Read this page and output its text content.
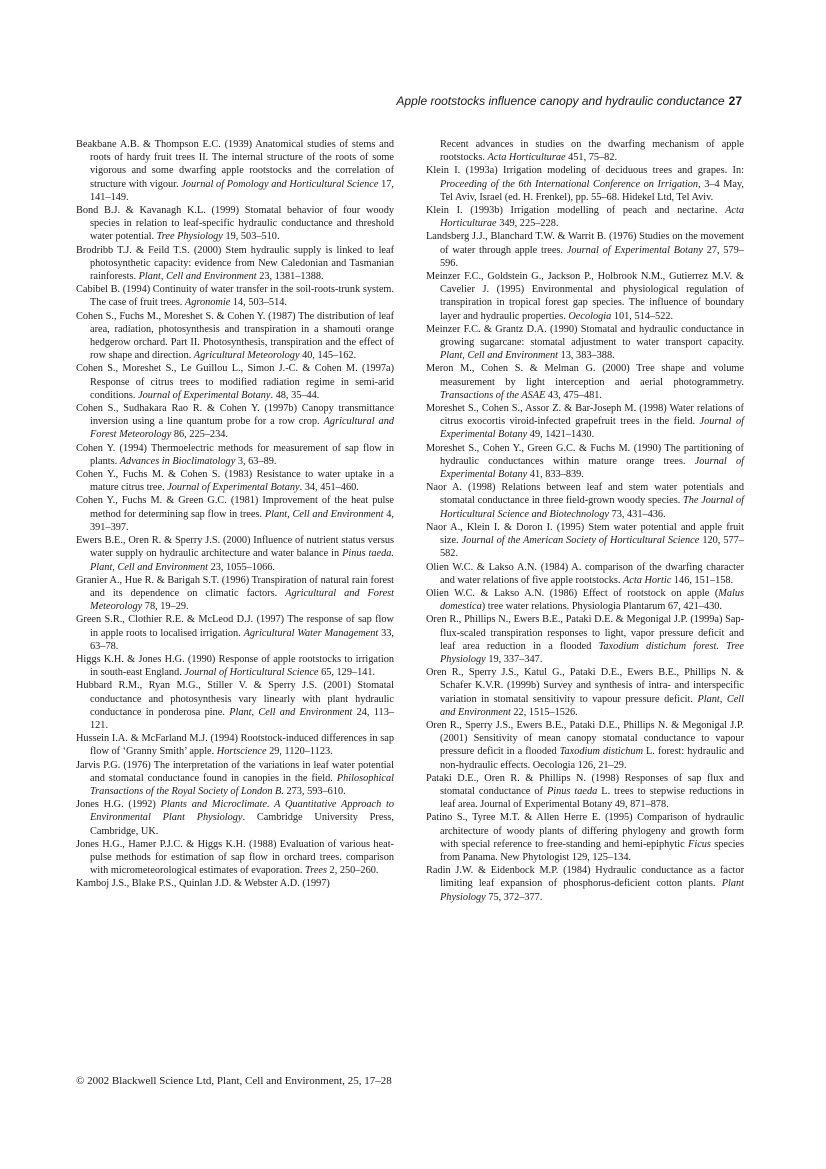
Apple rootstocks influence canopy and hydraulic conductance 27

Beakbane A.B. & Thompson E.C. (1939) Anatomical studies of stems and roots of hardy fruit trees II. The internal structure of the roots of some vigorous and some dwarfing apple rootstocks and the correlation of structure with vigour. Journal of Pomology and Horticultural Science 17, 141–149.

Bond B.J. & Kavanagh K.L. (1999) Stomatal behavior of four woody species in relation to leaf-specific hydraulic conductance and threshold water potential. Tree Physiology 19, 503–510.

Brodribb T.J. & Feild T.S. (2000) Stem hydraulic supply is linked to leaf photosynthetic capacity: evidence from New Caledonian and Tasmanian rainforests. Plant, Cell and Environment 23, 1381–1388.

Cabibel B. (1994) Continuity of water transfer in the soil-roots-trunk system. The case of fruit trees. Agronomie 14, 503–514.

Cohen S., Fuchs M., Moreshet S. & Cohen Y. (1987) The distribution of leaf area, radiation, photosynthesis and transpiration in a shamouti orange hedgerow orchard. Part II. Photosynthesis, transpiration and the effect of row shape and direction. Agricultural Meteorology 40, 145–162.

Cohen S., Moreshet S., Le Guillou L., Simon J.-C. & Cohen M. (1997a) Response of citrus trees to modified radiation regime in semi-arid conditions. Journal of Experimental Botany. 48, 35–44.

Cohen S., Sudhakara Rao R. & Cohen Y. (1997b) Canopy transmittance inversion using a line quantum probe for a row crop. Agricultural and Forest Meteorology 86, 225–234.

Cohen Y. (1994) Thermoelectric methods for measurement of sap flow in plants. Advances in Bioclimatology 3, 63–89.

Cohen Y., Fuchs M. & Cohen S. (1983) Resistance to water uptake in a mature citrus tree. Journal of Experimental Botany. 34, 451–460.

Cohen Y., Fuchs M. & Green G.C. (1981) Improvement of the heat pulse method for determining sap flow in trees. Plant, Cell and Environment 4, 391–397.

Ewers B.E., Oren R. & Sperry J.S. (2000) Influence of nutrient status versus water supply on hydraulic architecture and water balance in Pinus taeda. Plant, Cell and Environment 23, 1055–1066.

Granier A., Hue R. & Barigah S.T. (1996) Transpiration of natural rain forest and its dependence on climatic factors. Agricultural and Forest Meteorology 78, 19–29.

Green S.R., Clothier R.E. & McLeod D.J. (1997) The response of sap flow in apple roots to localised irrigation. Agricultural Water Management 33, 63–78.

Higgs K.H. & Jones H.G. (1990) Response of apple rootstocks to irrigation in south-east England. Journal of Horticultural Science 65, 129–141.

Hubbard R.M., Ryan M.G., Stiller V. & Sperry J.S. (2001) Stomatal conductance and photosynthesis vary linearly with plant hydraulic conductance in ponderosa pine. Plant, Cell and Environment 24, 113–121.

Hussein I.A. & McFarland M.J. (1994) Rootstock-induced differences in sap flow of ‘Granny Smith’ apple. Hortscience 29, 1120–1123.

Jarvis P.G. (1976) The interpretation of the variations in leaf water potential and stomatal conductance found in canopies in the field. Philosophical Transactions of the Royal Society of London B. 273, 593–610.

Jones H.G. (1992) Plants and Microclimate. A Quantitative Approach to Environmental Plant Physiology. Cambridge University Press, Cambridge, UK.

Jones H.G., Hamer P.J.C. & Higgs K.H. (1988) Evaluation of various heat-pulse methods for estimation of sap flow in orchard trees. comparison with micrometeorological estimates of evaporation. Trees 2, 250–260.

Kamboj J.S., Blake P.S., Quinlan J.D. & Webster A.D. (1997)

Recent advances in studies on the dwarfing mechanism of apple rootstocks. Acta Horticulturae 451, 75–82.

Klein I. (1993a) Irrigation modeling of deciduous trees and grapes. In: Proceeding of the 6th International Conference on Irrigation, 3–4 May, Tel Aviv, Israel (ed. H. Frenkel), pp. 55–68. Hidekel Ltd, Tel Aviv.

Klein I. (1993b) Irrigation modelling of peach and nectarine. Acta Horticulturae 349, 225–228.

Landsberg J.J., Blanchard T.W. & Warrit B. (1976) Studies on the movement of water through apple trees. Journal of Experimental Botany 27, 579–596.

Meinzer F.C., Goldstein G., Jackson P., Holbrook N.M., Gutierrez M.V. & Cavelier J. (1995) Environmental and physiological regulation of transpiration in tropical forest gap species. The influence of boundary layer and hydraulic properties. Oecologia 101, 514–522.

Meinzer F.C. & Grantz D.A. (1990) Stomatal and hydraulic conductance in growing sugarcane: stomatal adjustment to water transport capacity. Plant, Cell and Environment 13, 383–388.

Meron M., Cohen S. & Melman G. (2000) Tree shape and volume measurement by light interception and aerial photogrammetry. Transactions of the ASAE 43, 475–481.

Moreshet S., Cohen S., Assor Z. & Bar-Joseph M. (1998) Water relations of citrus exocortis viroid-infected grapefruit trees in the field. Journal of Experimental Botany 49, 1421–1430.

Moreshet S., Cohen Y., Green G.C. & Fuchs M. (1990) The partitioning of hydraulic conductances within mature orange trees. Journal of Experimental Botany 41, 833–839.

Naor A. (1998) Relations between leaf and stem water potentials and stomatal conductance in three field-grown woody species. The Journal of Horticultural Science and Biotechnology 73, 431–436.

Naor A., Klein I. & Doron I. (1995) Stem water potential and apple fruit size. Journal of the American Society of Horticultural Science 120, 577–582.

Olien W.C. & Lakso A.N. (1984) A. comparison of the dwarfing character and water relations of five apple rootstocks. Acta Hortic 146, 151–158.

Olien W.C. & Lakso A.N. (1986) Effect of rootstock on apple (Malus domestica) tree water relations. Physiologia Plantarum 67, 421–430.

Oren R., Phillips N., Ewers B.E., Pataki D.E. & Megonigal J.P. (1999a) Sap-flux-scaled transpiration responses to light, vapor pressure deficit and leaf area reduction in a flooded Taxodium distichum forest. Tree Physiology 19, 337–347.

Oren R., Sperry J.S., Katul G., Pataki D.E., Ewers B.E., Phillips N. & Schafer K.V.R. (1999b) Survey and synthesis of intra- and interspecific variation in stomatal sensitivity to vapour pressure deficit. Plant, Cell and Environment 22, 1515–1526.

Oren R., Sperry J.S., Ewers B.E., Pataki D.E., Phillips N. & Megonigal J.P. (2001) Sensitivity of mean canopy stomatal conductance to vapour pressure deficit in a flooded Taxodium distichum L. forest: hydraulic and non-hydraulic effects. Oecologia 126, 21–29.

Pataki D.E., Oren R. & Phillips N. (1998) Responses of sap flux and stomatal conductance of Pinus taeda L. trees to stepwise reductions in leaf area. Journal of Experimental Botany 49, 871–878.

Patino S., Tyree M.T. & Allen Herre E. (1995) Comparison of hydraulic architecture of woody plants of differing phylogeny and growth form with special reference to free-standing and hemi-epiphytic Ficus species from Panama. New Phytologist 129, 125–134.

Radin J.W. & Eidenbock M.P. (1984) Hydraulic conductance as a factor limiting leaf expansion of phosphorus-deficient cotton plants. Plant Physiology 75, 372–377.

© 2002 Blackwell Science Ltd, Plant, Cell and Environment, 25, 17–28
